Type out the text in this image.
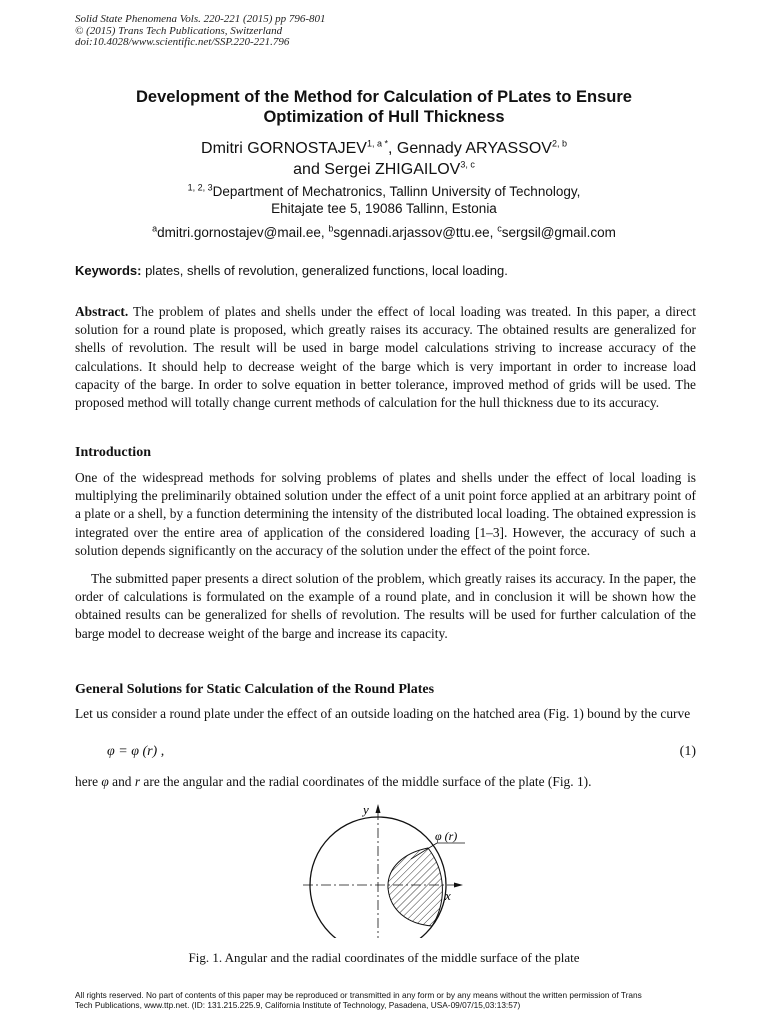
Solid State Phenomena Vols. 220-221 (2015) pp 796-801
© (2015) Trans Tech Publications, Switzerland
doi:10.4028/www.scientific.net/SSP.220-221.796
Development of the Method for Calculation of PLates to Ensure
Optimization of Hull Thickness
Dmitri $GORNOSTAJEV^{1, a *}$, Gennady ARYASSOV$^{2, b}$
and Sergei ZHIGAILOV$^{3, c}$
$^{1, 2, 3}$Department of Mechatronics, Tallinn University of Technology,
Ehitajate tee 5, 19086 Tallinn, Estonia
$^a$dmitri.gornostajev@mail.ee, $^b$sgennadi.arjassov@ttu.ee, $^c$sergsil@gmail.com
Keywords: plates, shells of revolution, generalized functions, local loading.

Abstract. The problem of plates and shells under the effect of local loading was treated. In this paper, a direct solution for a round plate is proposed, which greatly raises its accuracy. The obtained results are generalized for shells of revolution. The result will be used in barge model calculations striving to increase accuracy of the calculations. It should help to decrease weight of the barge which is very important in order to increase load capacity of the barge. In order to solve equation in better tolerance, improved method of grids will be used. The proposed method will totally change current methods of calculation for the hull thickness due to its accuracy.

Introduction

One of the widespread methods for solving problems of plates and shells under the effect of local loading is multiplying the preliminarily obtained solution under the effect of a unit point force applied at an arbitrary point of a plate or a shell, by a function determining the intensity of the distributed local loading. The obtained expression is integrated over the entire area of application of the considered loading [1–3]. However, the accuracy of such a solution depends significantly on the accuracy of the solution under the effect of the point force.

The submitted paper presents a direct solution of the problem, which greatly raises its accuracy. In the paper, the order of calculations is formulated on the example of a round plate, and in conclusion it will be shown how the obtained results can be generalized for shells of revolution. The results will be used for further calculation of the barge model to decrease weight of the barge and increase its capacity.

General Solutions for Static Calculation of the Round Plates

Let us consider a round plate under the effect of an outside loading on the hatched area (Fig. 1) bound by the curve

φ = φ (r) ,	(1)

here φ and r are the angular and the radial coordinates of the middle surface of the plate (Fig. 1).

y
x
φ (r)
Fig. 1. Angular and the radial coordinates of the middle surface of the plate
All rights reserved. No part of contents of this paper may be reproduced or transmitted in any form or by any means without the written permission of Trans
Tech Publications, www.ttp.net. (ID: 131.215.225.9, California Institute of Technology, Pasadena, USA-09/07/15,03:13:57)
